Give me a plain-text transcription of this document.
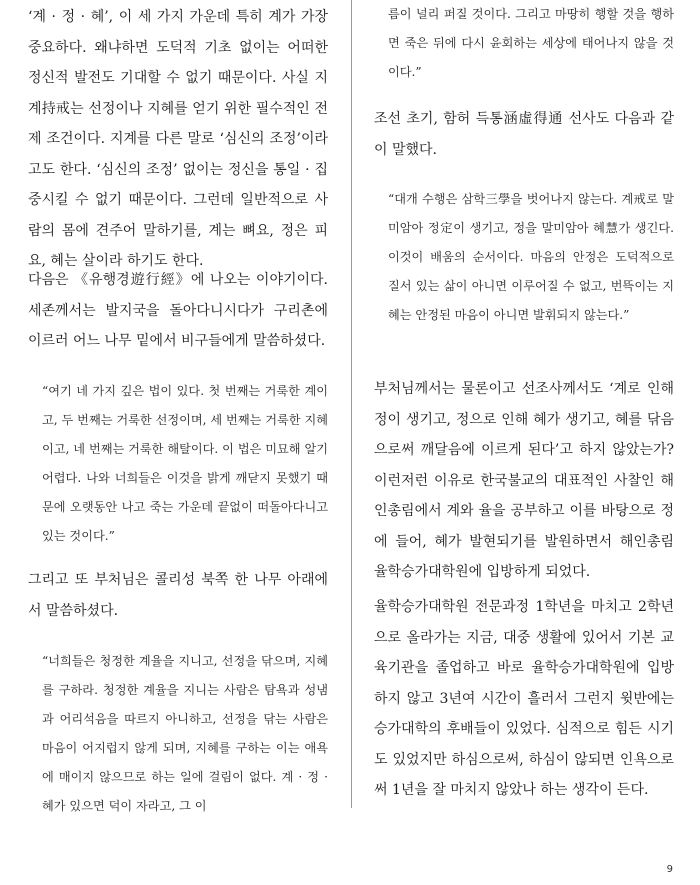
‘계 · 정 · 혜’, 이 세 가지 가운데 특히 계가 가장 중요하다. 왜냐하면 도덕적 기초 없이는 어떠한 정신적 발전도 기대할 수 없기 때문이다. 사실 지계持戒는 선정이나 지혜를 얻기 위한 필수적인 전제 조건이다. 지계를 다른 말로 ‘심신의 조정’이라고도 한다. ‘심신의 조정’ 없이는 정신을 통일 · 집중시킬 수 없기 때문이다. 그런데 일반적으로 사람의 몸에 견주어 말하기를, 계는 뼈요, 정은 피요, 혜는 살이라 하기도 한다.

다음은 《유행경遊行經》에 나오는 이야기이다. 세존께서는 발지국을 돌아다니시다가 구리촌에 이르러 어느 나무 밑에서 비구들에게 말씀하셨다.

“여기 네 가지 깊은 법이 있다. 첫 번째는 거룩한 계이고, 두 번째는 거룩한 선정이며, 세 번째는 거룩한 지혜이고, 네 번째는 거룩한 해탈이다. 이 법은 미묘해 알기 어렵다. 나와 너희들은 이것을 밝게 깨닫지 못했기 때문에 오랫동안 나고 죽는 가운데 끝없이 떠돌아다니고 있는 것이다.”

그리고 또 부처님은 콜리성 북쪽 한 나무 아래에서 말씀하셨다.

“너희들은 청정한 계율을 지니고, 선정을 닦으며, 지혜를 구하라. 청정한 계율을 지니는 사람은 탐욕과 성냄과 어리석음을 따르지 아니하고, 선정을 닦는 사람은 마음이 어지럽지 않게 되며, 지혜를 구하는 이는 애욕에 매이지 않으므로 하는 일에 걸림이 없다. 계 · 정 · 혜가 있으면 덕이 자라고, 그 이

름이 널리 퍼질 것이다. 그리고 마땅히 행할 것을 행하면 죽은 뒤에 다시 윤회하는 세상에 태어나지 않을 것이다.”

조선 초기, 함허 득통涵虛得通 선사도 다음과 같이 말했다.

“대개 수행은 삼학三學을 벗어나지 않는다. 계戒로 말미암아 정定이 생기고, 정을 말미암아 혜慧가 생긴다. 이것이 배움의 순서이다. 마음의 안정은 도덕적으로 질서 있는 삶이 아니면 이루어질 수 없고, 번뜩이는 지혜는 안정된 마음이 아니면 발휘되지 않는다.”

부처님께서는 물론이고 선조사께서도 ‘계로 인해 정이 생기고, 정으로 인해 혜가 생기고, 혜를 닦음으로써 깨달음에 이르게 된다’고 하지 않았는가? 이런저런 이유로 한국불교의 대표적인 사찰인 해인총림에서 계와 율을 공부하고 이를 바탕으로 정에 들어, 혜가 발현되기를 발원하면서 해인총림 율학승가대학원에 입방하게 되었다.

율학승가대학원 전문과정 1학년을 마치고 2학년으로 올라가는 지금, 대중 생활에 있어서 기본 교육기관을 졸업하고 바로 율학승가대학원에 입방하지 않고 3년여 시간이 흘러서 그런지 윗반에는 승가대학의 후배들이 있었다. 심적으로 힘든 시기도 있었지만 하심으로써, 하심이 않되면 인욕으로써 1년을 잘 마치지 않았나 하는 생각이 든다.

9
